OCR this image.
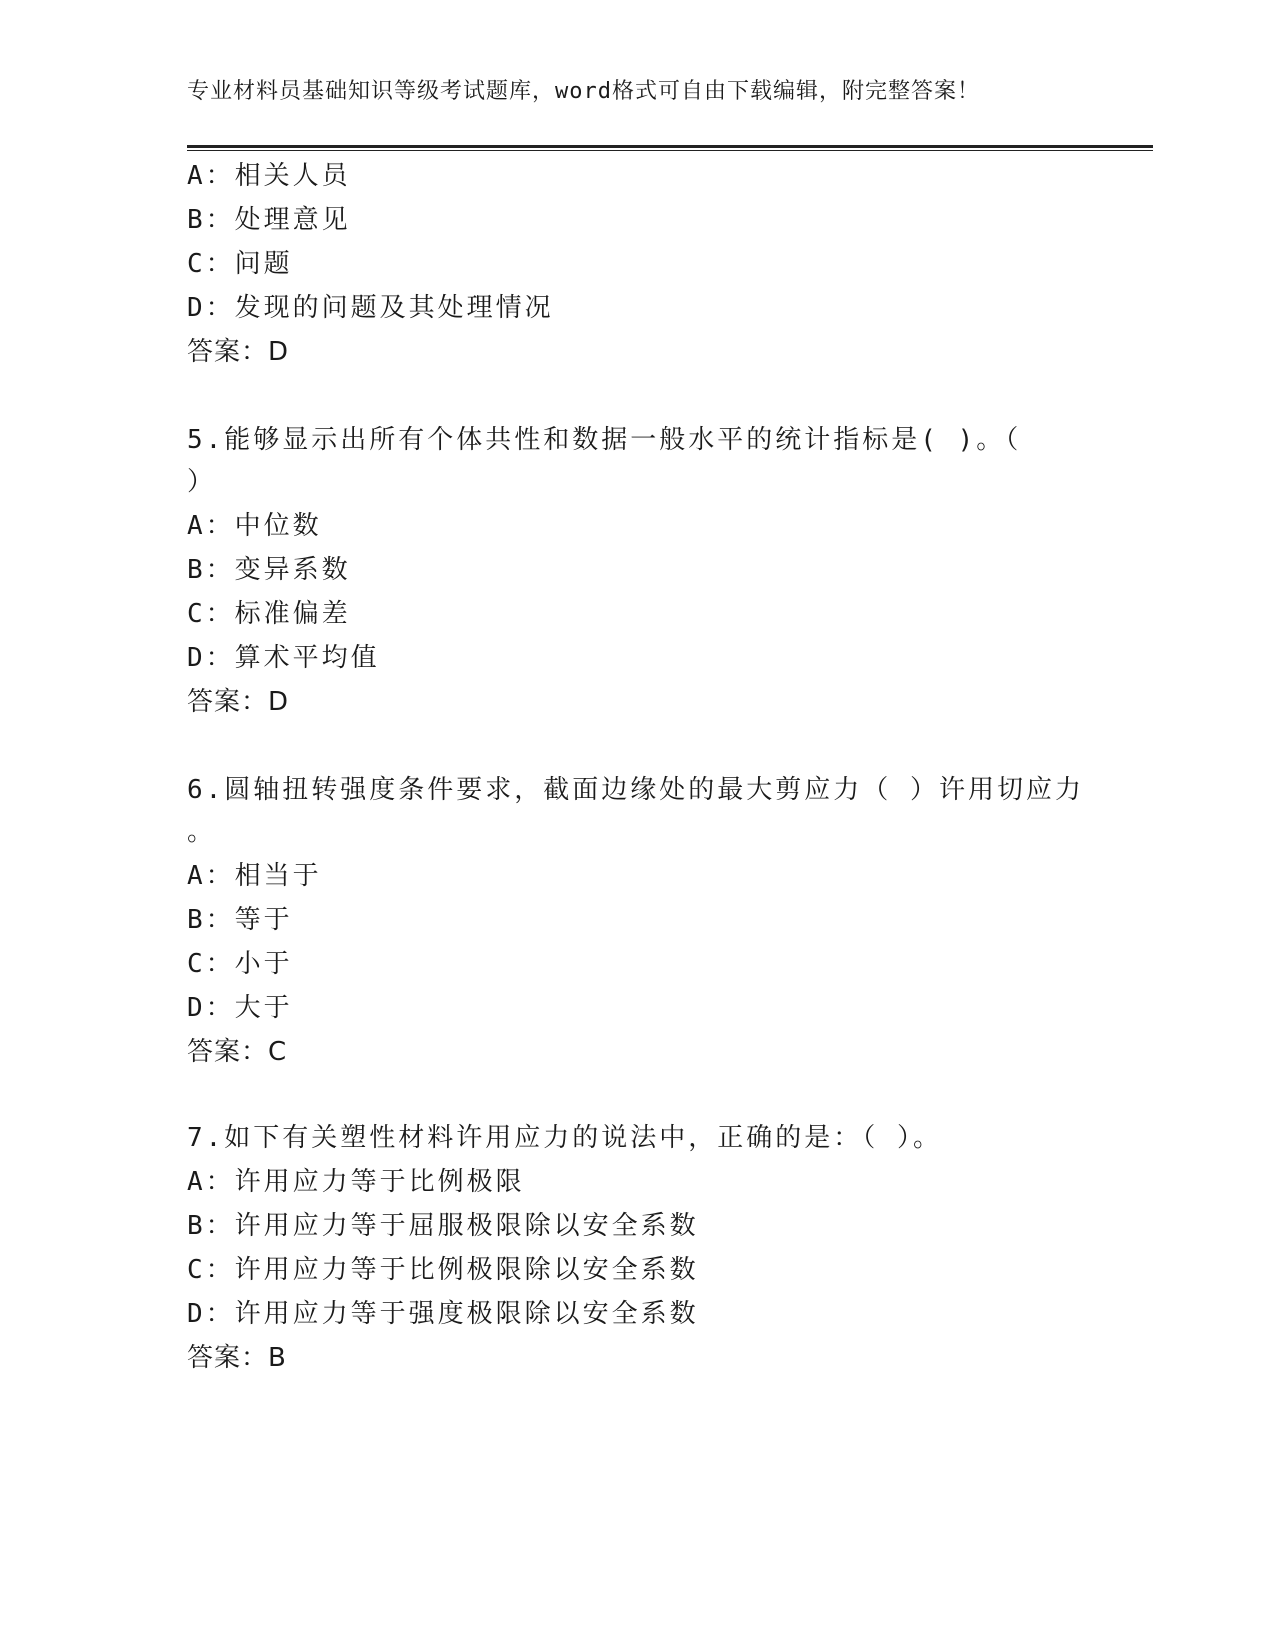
专业材料员基础知识等级考试题库，word格式可自由下载编辑，附完整答案！
A：相关人员
B：处理意见
C：问题
D：发现的问题及其处理情况
答案：D
5.能够显示出所有个体共性和数据一般水平的统计指标是( )。（
）
A：中位数
B：变异系数
C：标准偏差
D：算术平均值
答案：D
6.圆轴扭转强度条件要求，截面边缘处的最大剪应力（ ）许用切应力
。
A：相当于
B：等于
C：小于
D：大于
答案：C
7.如下有关塑性材料许用应力的说法中，正确的是：（ ）。
A：许用应力等于比例极限
B：许用应力等于屈服极限除以安全系数
C：许用应力等于比例极限除以安全系数
D：许用应力等于强度极限除以安全系数
答案：B
